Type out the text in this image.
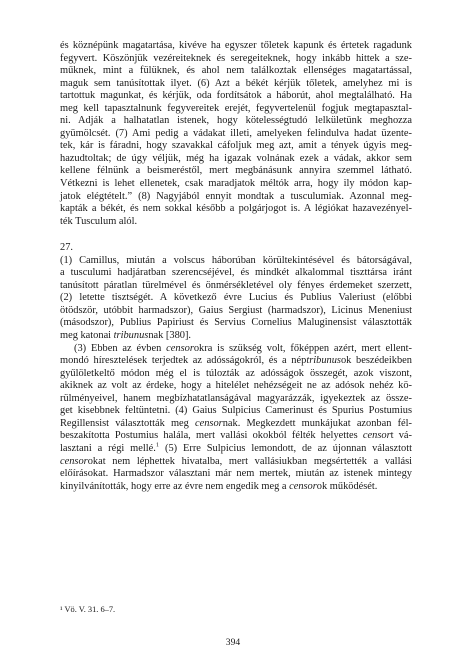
és köznépünk magatartása, kivéve ha egyszer tőletek kapunk és értetek ragadunk
fegyvert. Köszönjük vezéreiteknek és seregeiteknek, hogy inkább hittek a sze-
műknek, mint a fülüknek, és ahol nem találkoztak ellenséges magatartással,
maguk sem tanúsítottak ilyet. (6) Azt a békét kérjük tőletek, amelyhez mi is
tartottuk magunkat, és kérjük, oda fordítsátok a háborút, ahol megtalálható. Ha
meg kell tapasztalnunk fegyvereitek erejét, fegyvertelenül fogjuk megtapasztal-
ni. Adják a halhatatlan istenek, hogy kötelességtudó lelkületünk meghozza
gyümölcsét. (7) Ami pedig a vádakat illeti, amelyeken felindulva hadat üzente-
tek, kár is fáradni, hogy szavakkal cáfoljuk meg azt, amit a tények úgyis meg-
hazudtoltak; de úgy véljük, még ha igazak volnának ezek a vádak, akkor sem
kellene félnünk a beismeréstől, mert megbánásunk annyira szemmel látható.
Vétkezni is lehet ellenetek, csak maradjatok méltók arra, hogy ily módon kap-
jatok elégtételt.” (8) Nagyjából ennyit mondtak a tusculumiak. Azonnal meg-
kapták a békét, és nem sokkal később a polgárjogot is. A légiókat hazavezényel-
ték Tusculum alól.

27.

(1) Camillus, miután a volscus háborúban körültekintésével és bátorságával,
a tusculumi hadjáratban szerencséjével, és mindkét alkalommal tiszttársa iránt
tanúsított páratlan türelmével és önmérsékletével oly fényes érdemeket szerzett,
(2) letette tisztségét. A következő évre Lucius és Publius Valeriust (előbbi
ötödször, utóbbit harmadszor), Gaius Sergiust (harmadszor), Licinus Meneniust
(másodszor), Publius Papiriust és Servius Cornelius Maluginensist választották
meg katonai tribunusnak [380].

(3) Ebben az évben censorokra is szükség volt, főképpen azért, mert ellent-
mondó híresztelések terjedtek az adósságokról, és a néptribunusok beszédeikben
gyűlöletkeltő módon még el is túlozták az adósságok összegét, azok viszont,
akiknek az volt az érdeke, hogy a hitelélet nehézségeit ne az adósok nehéz kö-
rülményeivel, hanem megbízhatatlanságával magyarázzák, igyekeztek az össze-
get kisebbnek feltüntetni. (4) Gaius Sulpicius Camerinust és Spurius Postumius
Regillensist választották meg censornak. Megkezdett munkájukat azonban fél-
beszakította Postumius halála, mert vallási okokból félték helyettes censort vá-
lasztani a régi mellé.$^1$ (5) Erre Sulpicius lemondott, de az újonnan választott
censorokat nem léphettek hivatalba, mert vallásiukban megsértették a vallási
előírásokat. Harmadszor választani már nem mertek, miután az istenek mintegy
kinyilvánították, hogy erre az évre nem engedik meg a censorok működését.

¹ Vö. V. 31. 6–7.
394
